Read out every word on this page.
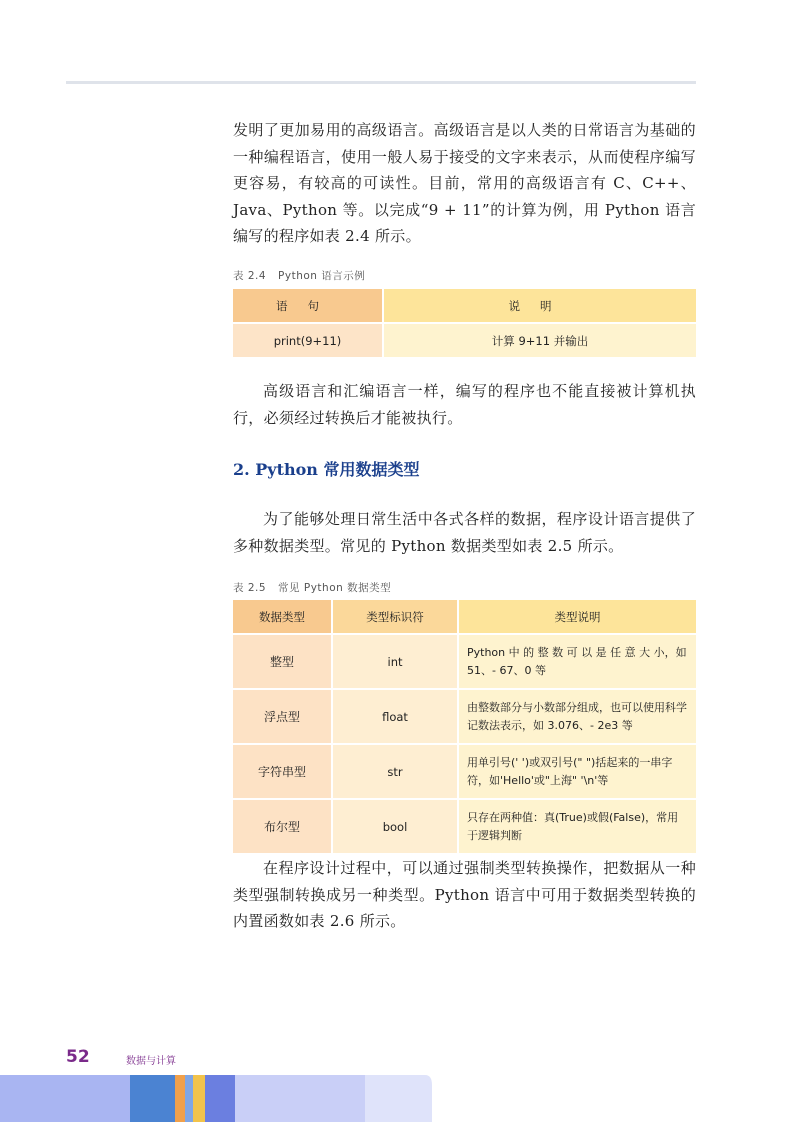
发明了更加易用的高级语言。高级语言是以人类的日常语言为基础的一种编程语言，使用一般人易于接受的文字来表示，从而使程序编写更容易，有较高的可读性。目前，常用的高级语言有 C、C++、Java、Python 等。以完成“9 + 11”的计算为例，用 Python 语言编写的程序如表 2.4 所示。

表 2.4 Python 语言示例
语句	说明
print(9+11)	计算 9+11 并输出

高级语言和汇编语言一样，编写的程序也不能直接被计算机执行，必须经过转换后才能被执行。

2. Python 常用数据类型

为了能够处理日常生活中各式各样的数据，程序设计语言提供了多种数据类型。常见的 Python 数据类型如表 2.5 所示。

表 2.5 常见 Python 数据类型
数据类型	类型标识符	类型说明
整型	int	Python 中 的 整 数 可 以 是 任 意 大 小，如 51、- 67、0 等
浮点型	float	由整数部分与小数部分组成，也可以使用科学记数法表示，如 3.076、- 2e3 等
字符串型	str	用单引号(' ')或双引号(" ")括起来的一串字符，如'Hello'或"上海" '\n'等
布尔型	bool	只存在两种值：真(True)或假(False)，常用于逻辑判断

在程序设计过程中，可以通过强制类型转换操作，把数据从一种类型强制转换成另一种类型。Python 语言中可用于数据类型转换的内置函数如表 2.6 所示。

52	数据与计算
